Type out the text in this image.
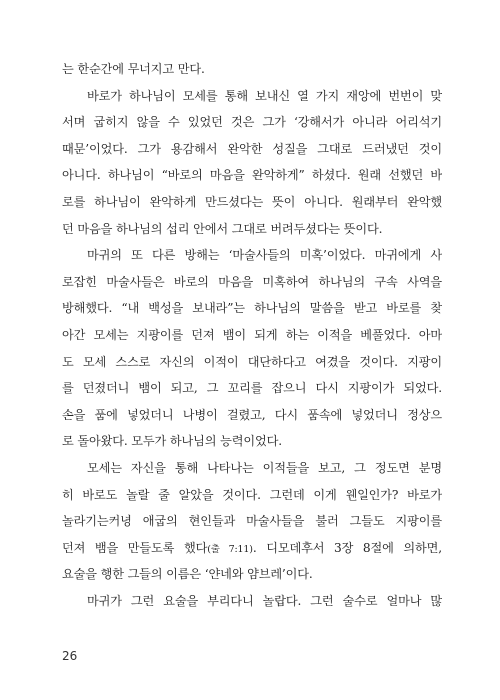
는 한순간에 무너지고 만다.
바로가 하나님이 모세를 통해 보내신 열 가지 재앙에 번번이 맞
서며 굽히지 않을 수 있었던 것은 그가 ‘강해서가 아니라 어리석기
때문’이었다. 그가 용감해서 완악한 성질을 그대로 드러냈던 것이
아니다. 하나님이 “바로의 마음을 완악하게” 하셨다. 원래 선했던 바
로를 하나님이 완악하게 만드셨다는 뜻이 아니다. 원래부터 완악했
던 마음을 하나님의 섭리 안에서 그대로 버려두셨다는 뜻이다.
마귀의 또 다른 방해는 ‘마술사들의 미혹’이었다. 마귀에게 사
로잡힌 마술사들은 바로의 마음을 미혹하여 하나님의 구속 사역을
방해했다. “내 백성을 보내라”는 하나님의 말씀을 받고 바로를 찾
아간 모세는 지팡이를 던져 뱀이 되게 하는 이적을 베풀었다. 아마
도 모세 스스로 자신의 이적이 대단하다고 여겼을 것이다. 지팡이
를 던졌더니 뱀이 되고, 그 꼬리를 잡으니 다시 지팡이가 되었다.
손을 품에 넣었더니 나병이 걸렸고, 다시 품속에 넣었더니 정상으
로 돌아왔다. 모두가 하나님의 능력이었다.
모세는 자신을 통해 나타나는 이적들을 보고, 그 정도면 분명
히 바로도 놀랄 줄 알았을 것이다. 그런데 이게 웬일인가? 바로가
놀라기는커녕 애굽의 현인들과 마술사들을 불러 그들도 지팡이를
던져 뱀을 만들도록 했다(출 7:11). 디모데후서 3장 8절에 의하면,
요술을 행한 그들의 이름은 ‘얀네와 얌브레’이다.
마귀가 그런 요술을 부리다니 놀랍다. 그런 술수로 얼마나 많
26
